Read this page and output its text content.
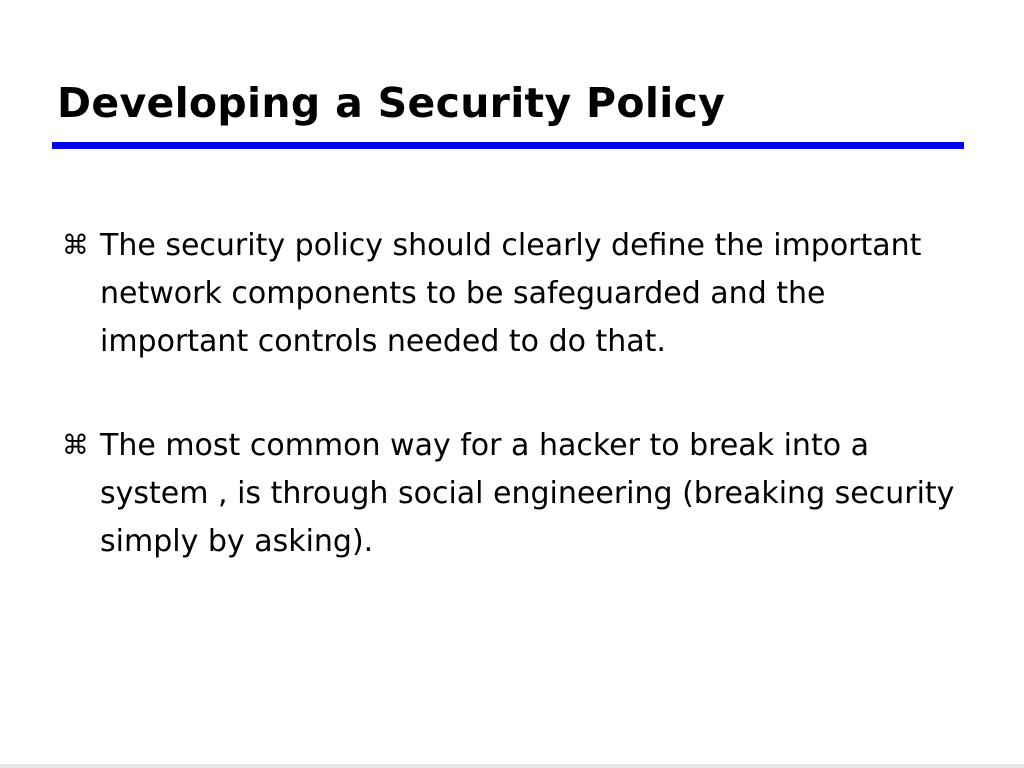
Developing a Security Policy
⌘ The security policy should clearly define the important network components to be safeguarded and the important controls needed to do that.
⌘ The most common way for a hacker to break into a system , is through social engineering (breaking security simply by asking).
